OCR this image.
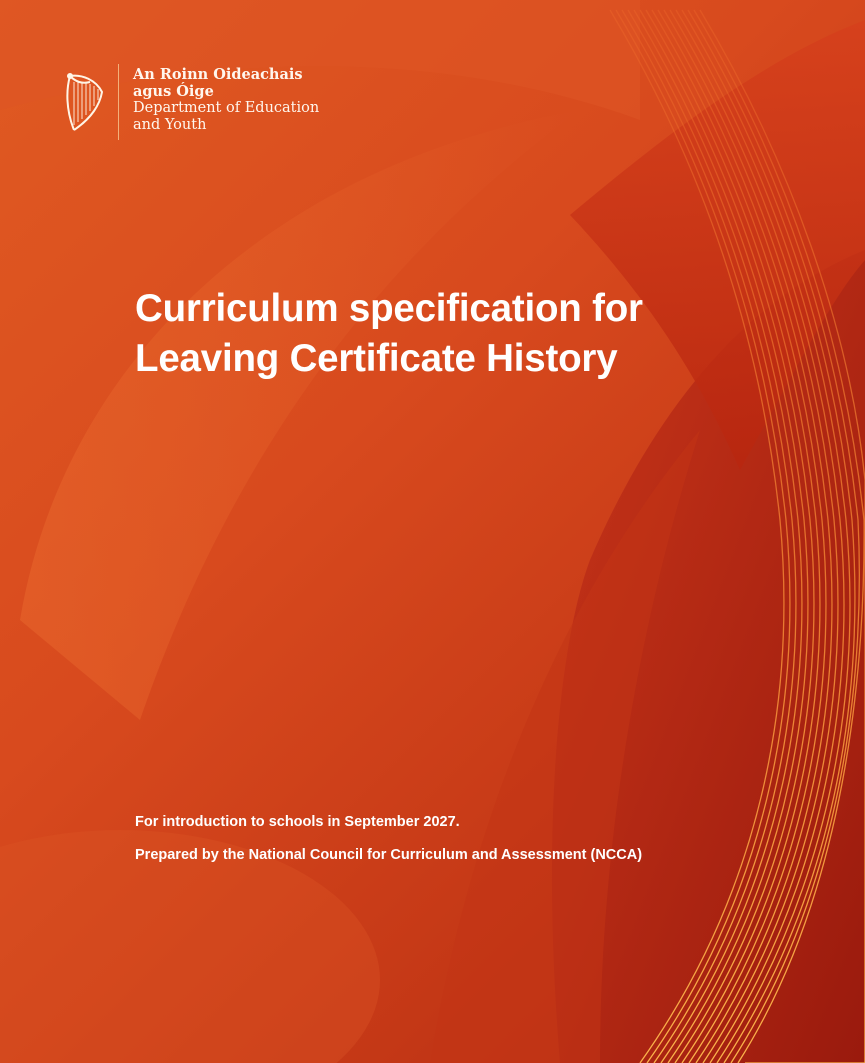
An Roinn Oideachais
agus Óige
Department of Education
and Youth
Curriculum specification for
Leaving Certificate History

For introduction to schools in September 2027.

Prepared by the National Council for Curriculum and Assessment (NCCA)
